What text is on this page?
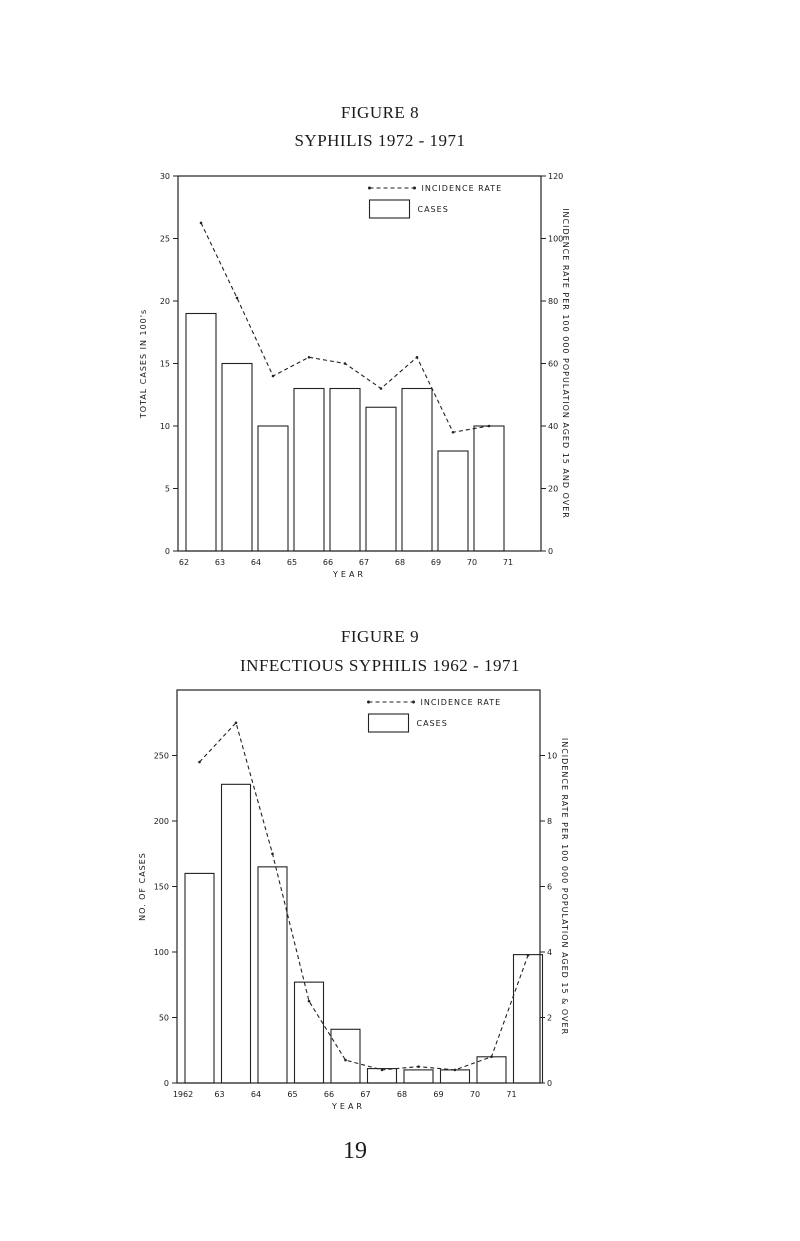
FIGURE 8
SYPHILIS 1972 - 1971
FIGURE 9
INFECTIOUS SYPHILIS 1962 - 1971
0
5
10
15
20
25
30
0
20
40
60
80
100
120
TOTAL CASES IN 100's	INCIDENCE RATE PER 100 000 POPULATION AGED 15 AND OVER
62	63	64	65	66	67	68	69	70	71
YEAR
INCIDENCE RATE
CASES
0
50
100
150
200
250
0
2
4
6
8
10
NO. OF CASES	INCIDENCE RATE PER 100 000 POPULATION AGED 15 & OVER
1962	63	64	65	66	67	68	69	70	71
YEAR
INCIDENCE RATE
CASES
19
